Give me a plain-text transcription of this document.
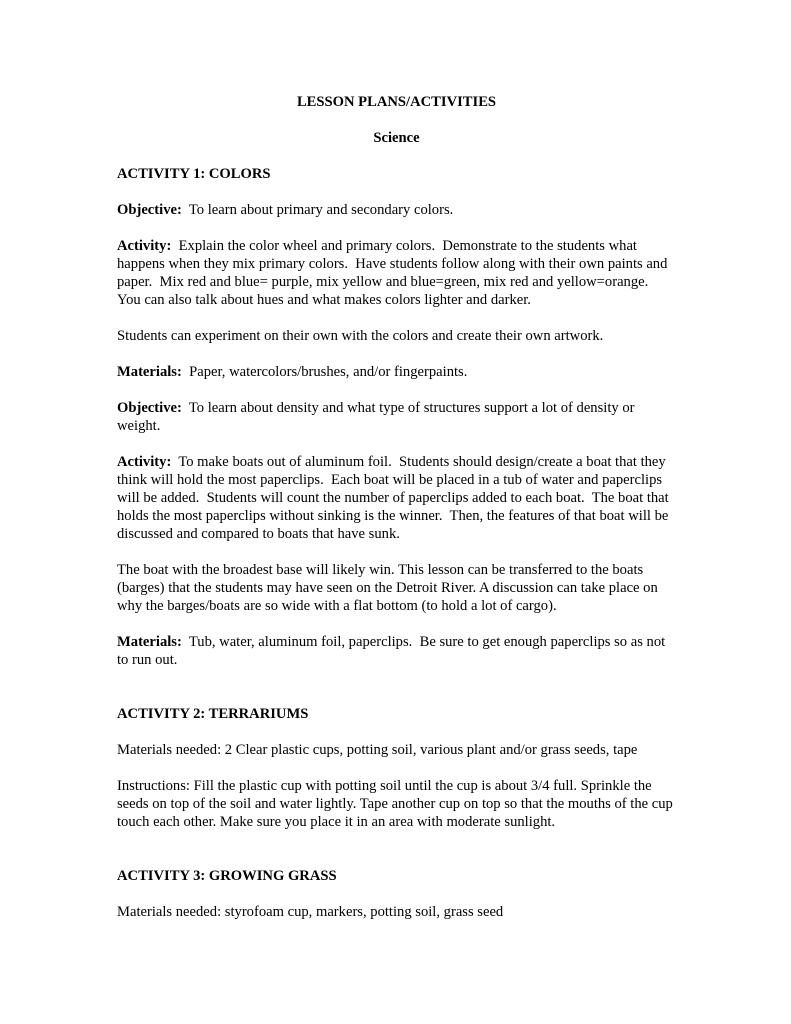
LESSON PLANS/ACTIVITIES
Science
ACTIVITY 1: COLORS

Objective:  To learn about primary and secondary colors.

Activity:  Explain the color wheel and primary colors.  Demonstrate to the students what happens when they mix primary colors.  Have students follow along with their own paints and paper.  Mix red and blue= purple, mix yellow and blue=green, mix red and yellow=orange.  You can also talk about hues and what makes colors lighter and darker.

Students can experiment on their own with the colors and create their own artwork.

Materials:  Paper, watercolors/brushes, and/or fingerpaints.

Objective:  To learn about density and what type of structures support a lot of density or weight.

Activity:  To make boats out of aluminum foil.  Students should design/create a boat that they think will hold the most paperclips.  Each boat will be placed in a tub of water and paperclips will be added.  Students will count the number of paperclips added to each boat.  The boat that holds the most paperclips without sinking is the winner.  Then, the features of that boat will be discussed and compared to boats that have sunk.

The boat with the broadest base will likely win. This lesson can be transferred to the boats (barges) that the students may have seen on the Detroit River. A discussion can take place on why the barges/boats are so wide with a flat bottom (to hold a lot of cargo).

Materials:  Tub, water, aluminum foil, paperclips.  Be sure to get enough paperclips so as not to run out.

ACTIVITY 2: TERRARIUMS

Materials needed: 2 Clear plastic cups, potting soil, various plant and/or grass seeds, tape

Instructions: Fill the plastic cup with potting soil until the cup is about 3/4 full. Sprinkle the seeds on top of the soil and water lightly. Tape another cup on top so that the mouths of the cup touch each other. Make sure you place it in an area with moderate sunlight.

ACTIVITY 3: GROWING GRASS

Materials needed: styrofoam cup, markers, potting soil, grass seed
